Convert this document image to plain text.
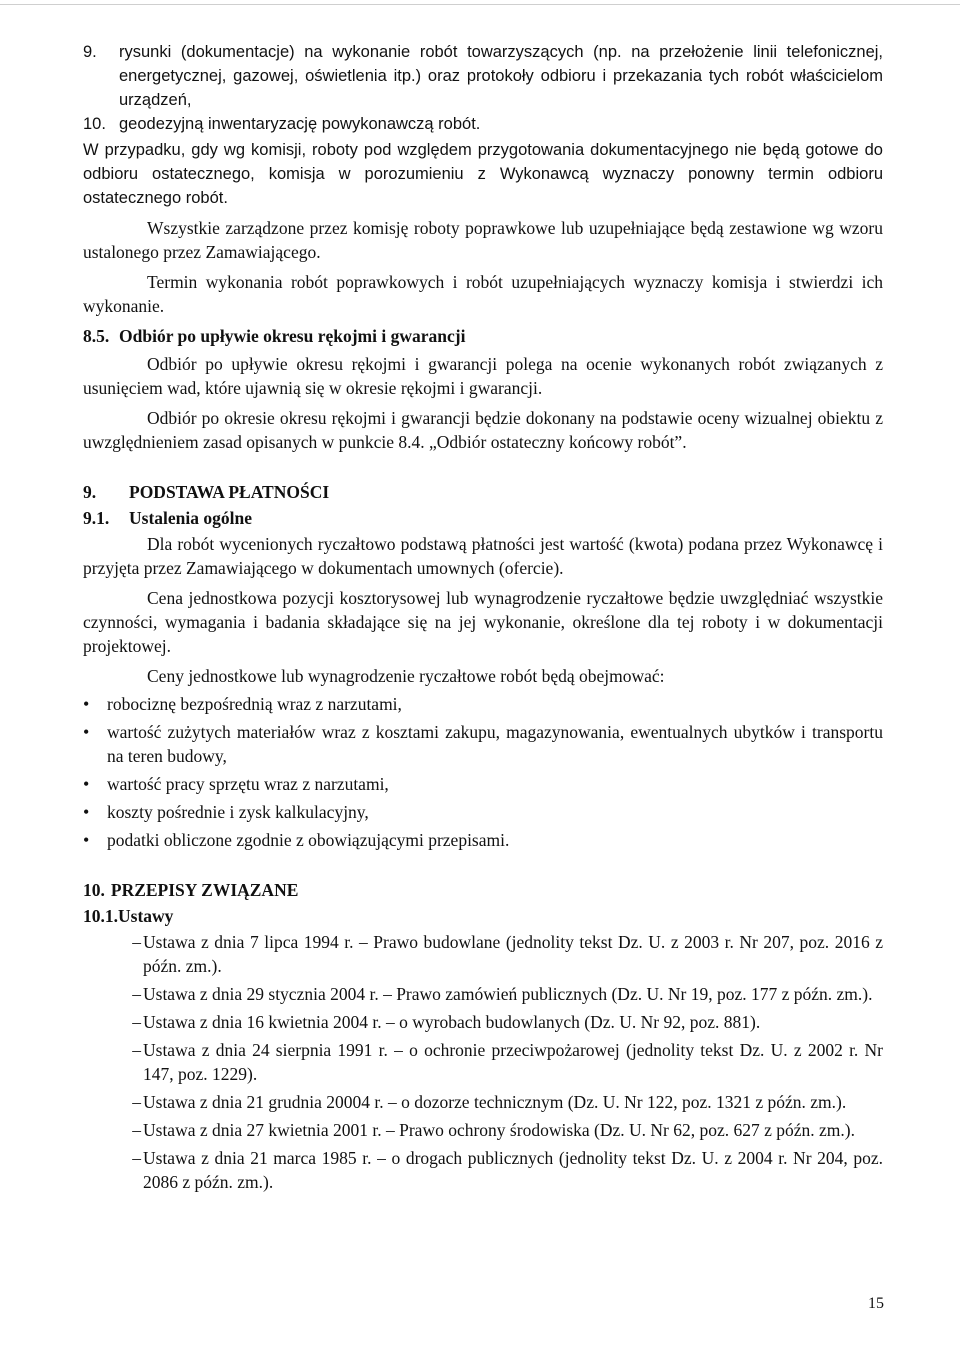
9.	rysunki (dokumentacje) na wykonanie robót towarzyszących (np. na przełożenie linii telefonicznej, energetycznej, gazowej, oświetlenia itp.) oraz protokoły odbioru i przekazania tych robót właścicielom urządzeń,
10. geodezyjną inwentaryzację powykonawczą robót.

W przypadku, gdy wg komisji, roboty pod względem przygotowania dokumentacyjnego nie będą gotowe do odbioru ostatecznego, komisja w porozumieniu z Wykonawcą wyznaczy ponowny termin odbioru ostatecznego robót.

Wszystkie zarządzone przez komisję roboty poprawkowe lub uzupełniające będą zestawione wg wzoru ustalonego przez Zamawiającego.

Termin wykonania robót poprawkowych i robót uzupełniających wyznaczy komisja i stwierdzi ich wykonanie.

8.5. Odbiór po upływie okresu rękojmi i gwarancji

Odbiór po upływie okresu rękojmi i gwarancji polega na ocenie wykonanych robót związanych z usunięciem wad, które ujawnią się w okresie rękojmi i gwarancji.

Odbiór po okresie okresu rękojmi i gwarancji będzie dokonany na podstawie oceny wizualnej obiektu z uwzględnieniem zasad opisanych w punkcie 8.4. „Odbiór ostateczny końcowy robót”.

9.	PODSTAWA PŁATNOŚCI
9.1.	Ustalenia ogólne

Dla robót wycenionych ryczałtowo podstawą płatności jest wartość (kwota) podana przez Wykonawcę i przyjęta przez Zamawiającego w dokumentach umownych (ofercie).

Cena jednostkowa pozycji kosztorysowej lub wynagrodzenie ryczałtowe będzie uwzględniać wszystkie czynności, wymagania i badania składające się na jej wykonanie, określone dla tej roboty i w dokumentacji projektowej.

Ceny jednostkowe lub wynagrodzenie ryczałtowe robót będą obejmować:

•
robociznę bezpośrednią wraz z narzutami,
•
wartość zużytych materiałów wraz z kosztami zakupu, magazynowania, ewentualnych ubytków i transportu na teren budowy,
•
wartość pracy sprzętu wraz z narzutami,
•
koszty pośrednie i zysk kalkulacyjny,
•
podatki obliczone zgodnie z obowiązującymi przepisami.
10. PRZEPISY ZWIĄZANE
10.1.Ustawy
– Ustawa z dnia 7 lipca 1994 r. – Prawo budowlane (jednolity tekst Dz. U. z 2003 r. Nr 207, poz. 2016 z późn. zm.).
– Ustawa z dnia 29 stycznia 2004 r. – Prawo zamówień publicznych (Dz. U. Nr 19, poz. 177 z późn. zm.).
– Ustawa z dnia 16 kwietnia 2004 r. – o wyrobach budowlanych (Dz. U. Nr 92, poz. 881).
– Ustawa z dnia 24 sierpnia 1991 r. – o ochronie przeciwpożarowej (jednolity tekst Dz. U. z 2002 r. Nr 147, poz. 1229).
– Ustawa z dnia 21 grudnia 20004 r. – o dozorze technicznym (Dz. U. Nr 122, poz. 1321 z późn. zm.).
– Ustawa z dnia 27 kwietnia 2001 r. – Prawo ochrony środowiska (Dz. U. Nr 62, poz. 627 z późn. zm.).
– Ustawa z dnia 21 marca 1985 r. – o drogach publicznych (jednolity tekst Dz. U. z 2004 r. Nr 204, poz. 2086 z późn. zm.).
15
